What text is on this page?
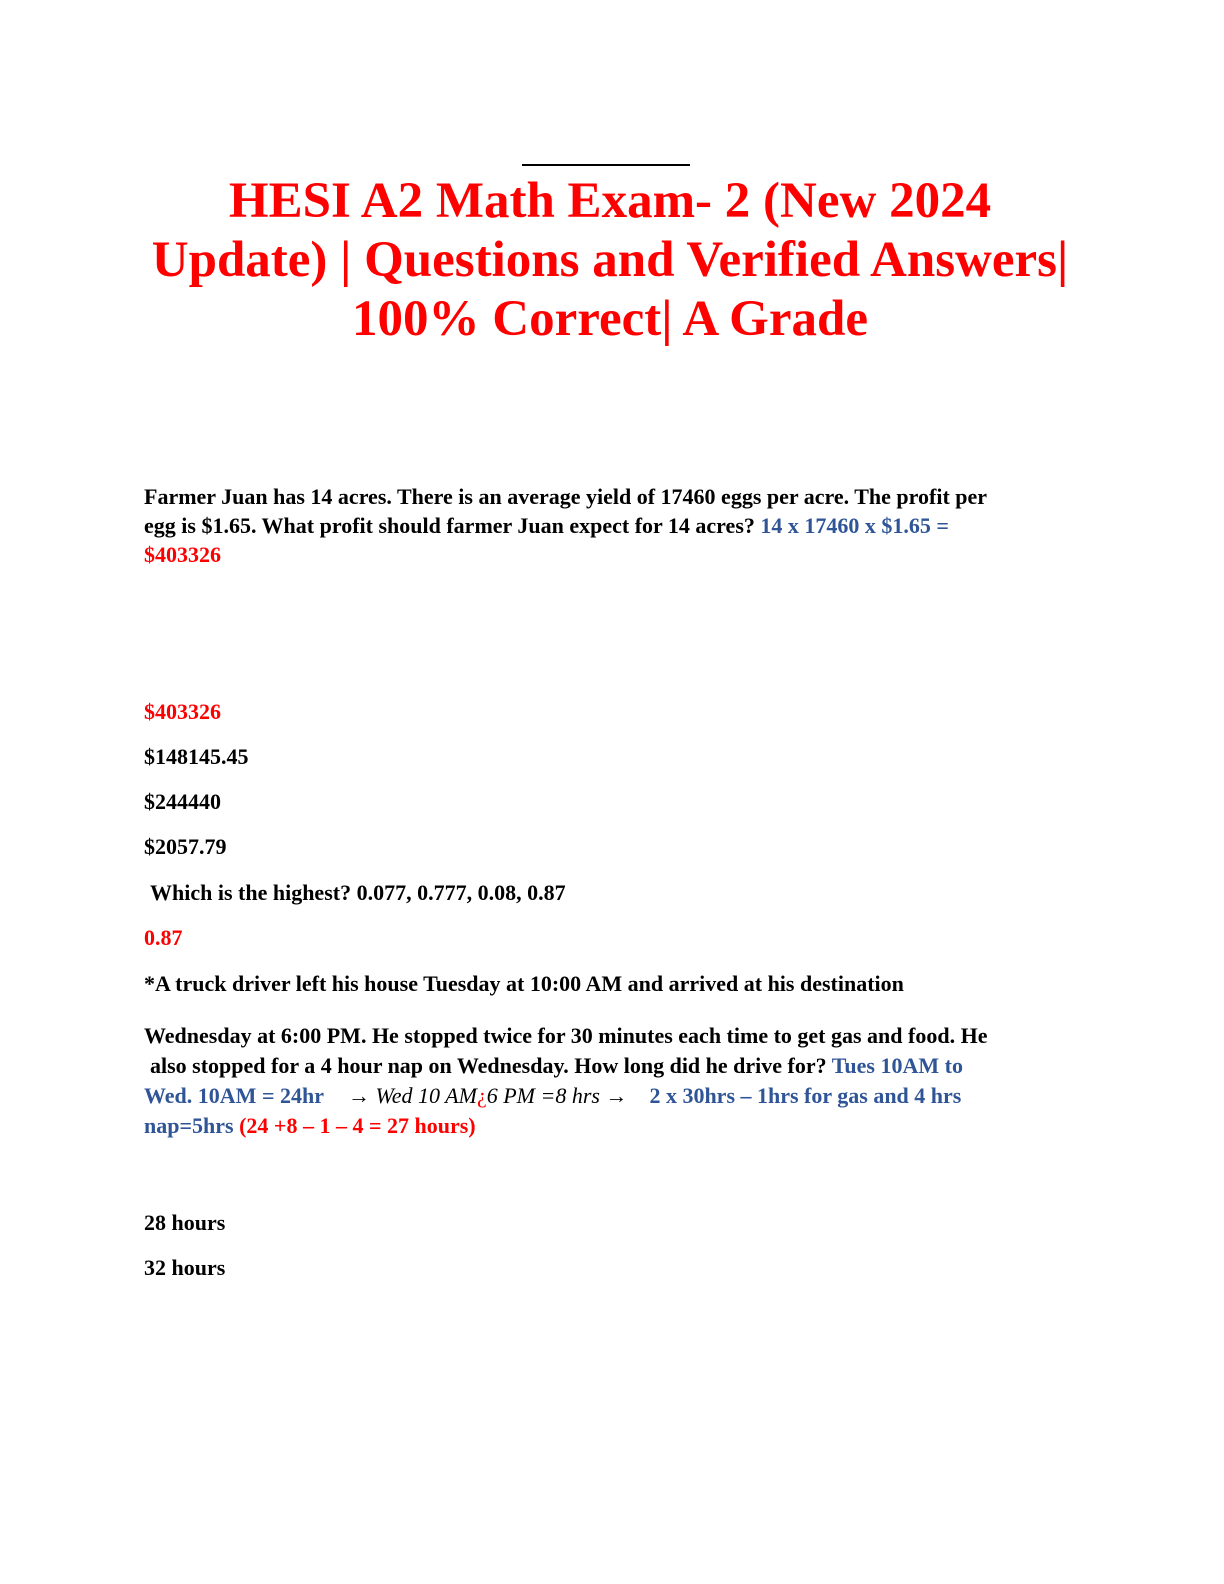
HESI A2 Math Exam- 2 (New 2024
Update) | Questions and Verified Answers|
100% Correct| A Grade
Farmer Juan has 14 acres. There is an average yield of 17460 eggs per acre. The profit per
egg is $1.65. What profit should farmer Juan expect for 14 acres? 14 x 17460 x $1.65 =
$403326
$403326
$148145.45
$244440
$2057.79
Which is the highest? 0.077, 0.777, 0.08, 0.87
0.87
*A truck driver left his house Tuesday at 10:00 AM and arrived at his destination
Wednesday at 6:00 PM. He stopped twice for 30 minutes each time to get gas and food. He
also stopped for a 4 hour nap on Wednesday. How long did he drive for? Tues 10AM to
Wed. 10AM = 24hr → Wed 10 AM¿6 PM =8 hrs → 2 x 30hrs – 1hrs for gas and 4 hrs
nap=5hrs (24 +8 – 1 – 4 = 27 hours)
28 hours
32 hours
